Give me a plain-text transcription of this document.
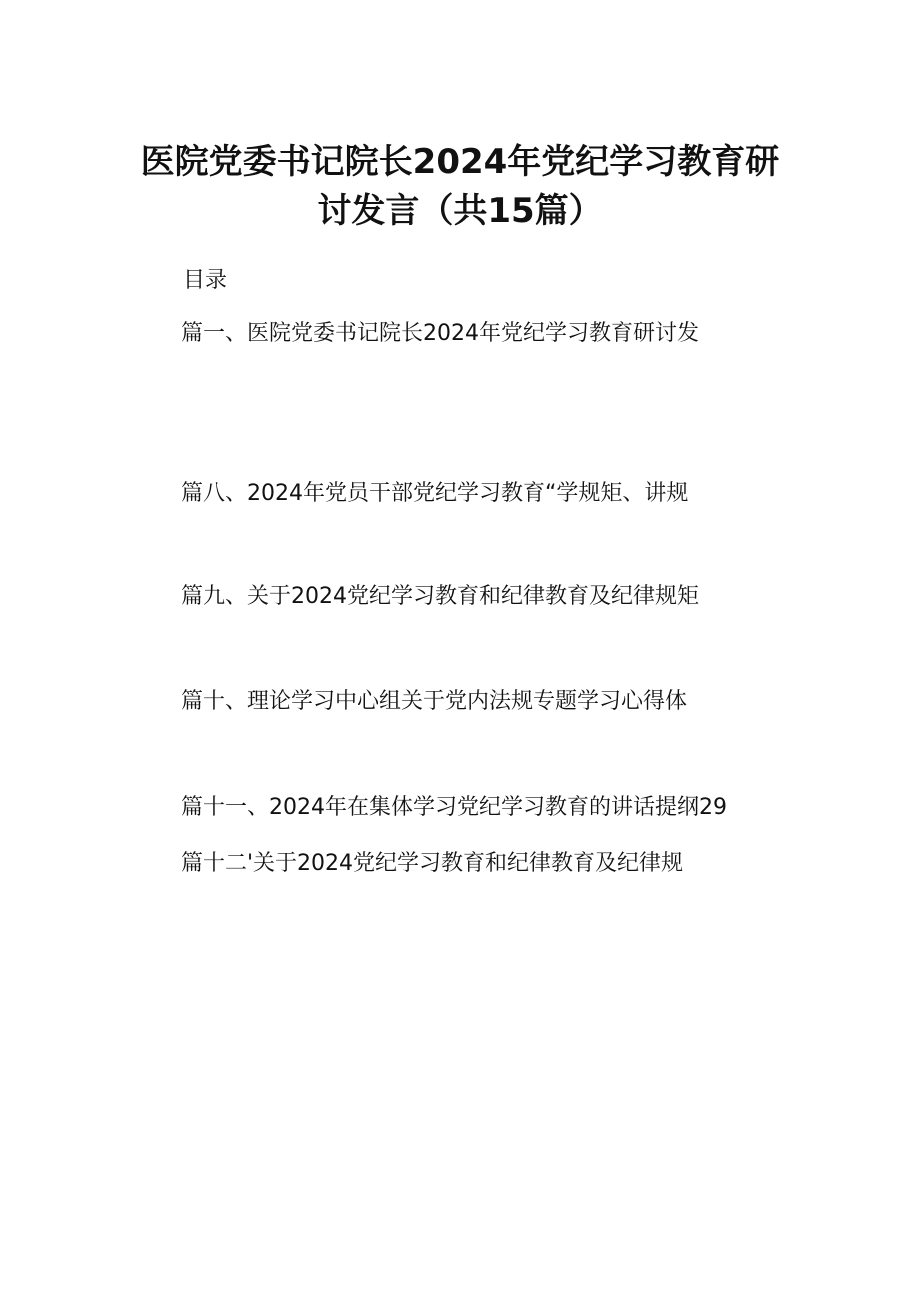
医院党委书记院长2024年党纪学习教育研
讨发言（共15篇）
目录
篇一、医院党委书记院长2024年党纪学习教育研讨发
篇八、2024年党员干部党纪学习教育“学规矩、讲规
篇九、关于2024党纪学习教育和纪律教育及纪律规矩
篇十、理论学习中心组关于党内法规专题学习心得体
篇十一、2024年在集体学习党纪学习教育的讲话提纲29
篇十二'关于2024党纪学习教育和纪律教育及纪律规
